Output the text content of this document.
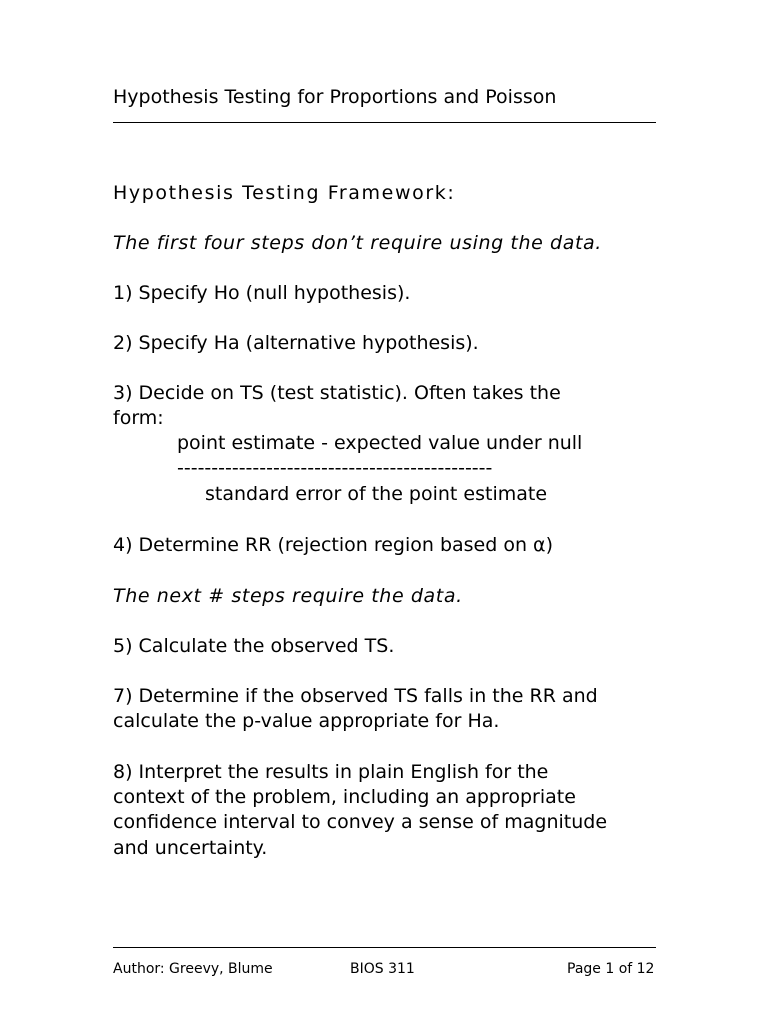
Hypothesis Testing for Proportions and Poisson
Hypothesis Testing Framework:
The first four steps don’t require using the data.
1) Specify Ho (null hypothesis).
2) Specify Ha (alternative hypothesis).
3) Decide on TS (test statistic). Often takes the
form:
point estimate - expected value under null
----------------------------------------------
standard error of the point estimate
4) Determine RR (rejection region based on α)
The next # steps require the data.
5) Calculate the observed TS.
7) Determine if the observed TS falls in the RR and
calculate the p-value appropriate for Ha.
8) Interpret the results in plain English for the
context of the problem, including an appropriate
confidence interval to convey a sense of magnitude
and uncertainty.
Author: Greevy, Blume	BIOS 311	Page 1 of 12
